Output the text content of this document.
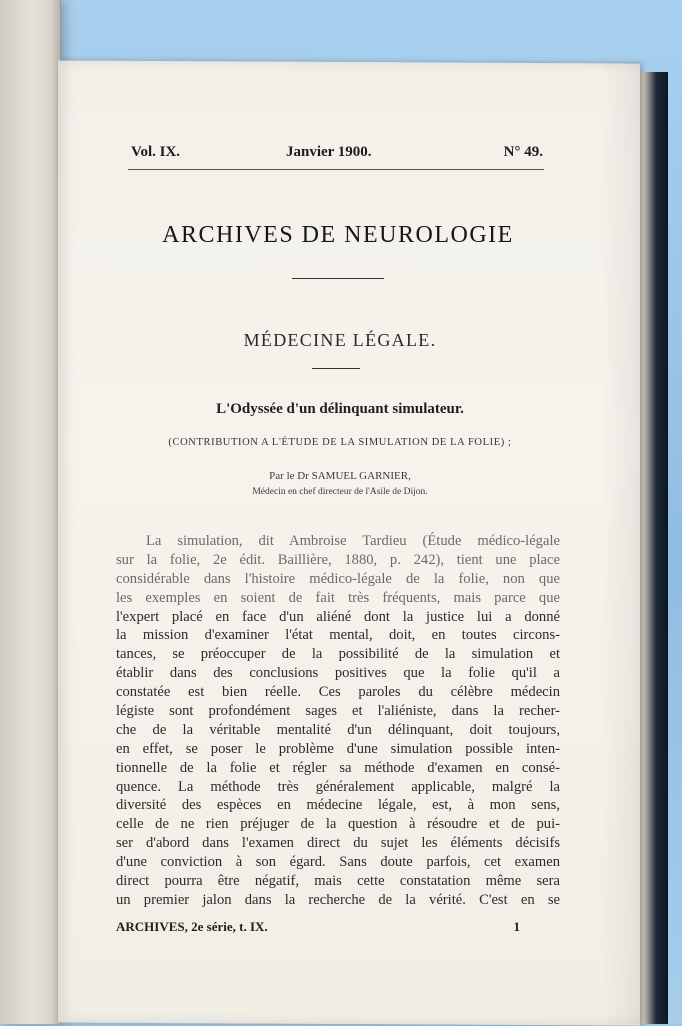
Vol. IX.	Janvier 1900.	N° 49.
ARCHIVES DE NEUROLOGIE
MÉDECINE LÉGALE.
L'Odyssée d'un délinquant simulateur.
(CONTRIBUTION A L'ÉTUDE DE LA SIMULATION DE LA FOLIE) ;
Par le Dr SAMUEL GARNIER,
Médecin en chef directeur de l'Asile de Dijon.
La simulation, dit Ambroise Tardieu (Étude médico-légale
sur la folie, 2e édit. Baillière, 1880, p. 242), tient une place
considérable dans l'histoire médico-légale de la folie, non que
les exemples en soient de fait très fréquents, mais parce que
l'expert placé en face d'un aliéné dont la justice lui a donné
la mission d'examiner l'état mental, doit, en toutes circons-
tances, se préoccuper de la possibilité de la simulation et
établir dans des conclusions positives que la folie qu'il a
constatée est bien réelle. Ces paroles du célèbre médecin
légiste sont profondément sages et l'aliéniste, dans la recher-
che de la véritable mentalité d'un délinquant, doit toujours,
en effet, se poser le problème d'une simulation possible inten-
tionnelle de la folie et régler sa méthode d'examen en consé-
quence. La méthode très généralement applicable, malgré la
diversité des espèces en médecine légale, est, à mon sens,
celle de ne rien préjuger de la question à résoudre et de pui-
ser d'abord dans l'examen direct du sujet les éléments décisifs
d'une conviction à son égard. Sans doute parfois, cet examen
direct pourra être négatif, mais cette constatation même sera
un premier jalon dans la recherche de la vérité. C'est en se
ARCHIVES, 2e série, t. IX.	1
